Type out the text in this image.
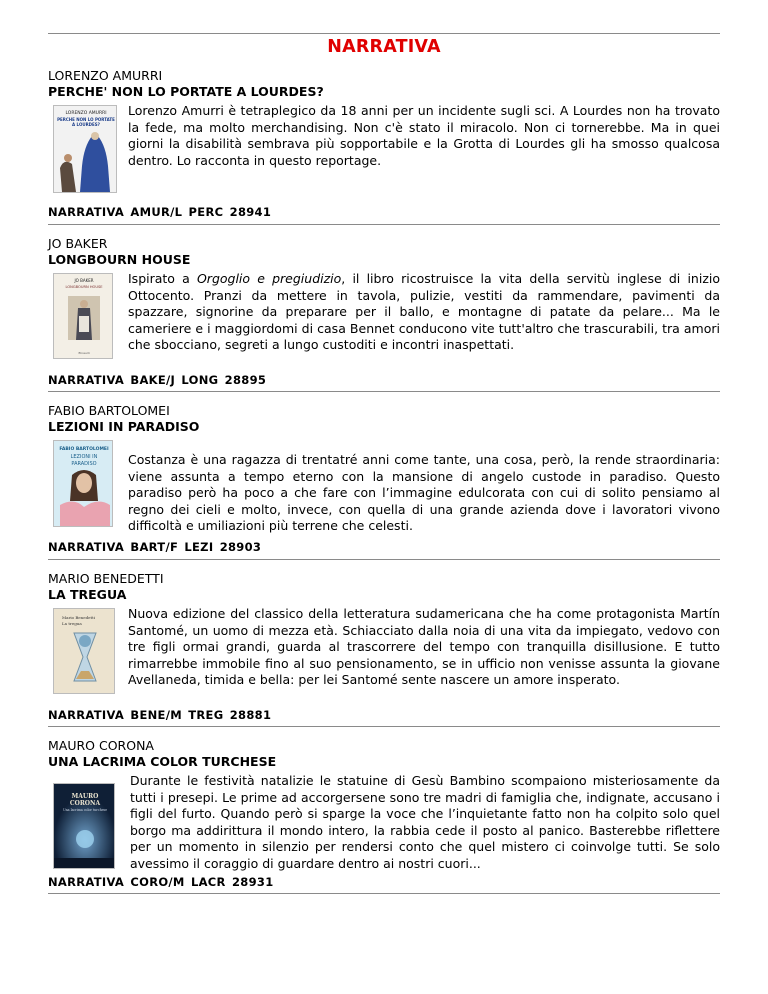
NARRATIVA
LORENZO AMURRI
PERCHE' NON LO PORTATE A LOURDES?
LORENZO AMURRI
PERCHE NON LO PORTATE
A LOURDES?
Lorenzo Amurri è tetraplegico da 18 anni per un incidente sugli sci. A Lourdes non ha trovato la fede, ma molto merchandising. Non c'è stato il miracolo. Non ci tornerebbe. Ma in quei giorni la disabilità sembrava più sopportabile e la Grotta di Lourdes gli ha smosso qualcosa dentro. Lo racconta in questo reportage.
NARRATIVA AMUR/L PERC 28941
JO BAKER
LONGBOURN HOUSE
JO BAKER
LONGBOURN HOUSE
Einaudi
Ispirato a Orgoglio e pregiudizio, il libro ricostruisce la vita della servitù inglese di inizio Ottocento. Pranzi da mettere in tavola, pulizie, vestiti da rammendare, pavimenti da spazzare, signorine da preparare per il ballo, e montagne di patate da pelare... Ma le cameriere e i maggiordomi di casa Bennet conducono vite tutt'altro che trascurabili, tra amori che sbocciano, segreti a lungo custoditi e incontri inaspettati.
NARRATIVA BAKE/J LONG 28895
FABIO BARTOLOMEI
LEZIONI IN PARADISO
FABIO BARTOLOMEI
LEZIONI IN
PARADISO	Costanza è una ragazza di trentatré anni come tante, una cosa, però, la rende straordinaria: viene assunta a tempo eterno con la mansione di angelo custode in paradiso. Questo paradiso però ha poco a che fare con l’immagine edulcorata con cui di solito pensiamo al regno dei cieli e molto, invece, con quella di una grande azienda dove i lavoratori vivono difficoltà e umiliazioni più terrene che celesti.
NARRATIVA BART/F LEZI 28903
MARIO BENEDETTI
LA TREGUA
Mario Benedetti
La tregua
Nuova edizione del classico della letteratura sudamericana che ha come protagonista Martín Santomé, un uomo di mezza età. Schiacciato dalla noia di una vita da impiegato, vedovo con tre figli ormai grandi, guarda al trascorrere del tempo con tranquilla disillusione. E tutto rimarrebbe immobile fino al suo pensionamento, se in ufficio non venisse assunta la giovane Avellaneda, timida e bella: per lei Santomé sente nascere un amore insperato.
NARRATIVA BENE/M TREG 28881
MAURO CORONA
UNA LACRIMA COLOR TURCHESE
MAURO
CORONA
Una lacrima color turchese
Durante le festività natalizie le statuine di Gesù Bambino scompaiono misteriosamente da tutti i presepi. Le prime ad accorgersene sono tre madri di famiglia che, indignate, accusano i figli del furto. Quando però si sparge la voce che l’inquietante fatto non ha colpito solo quel borgo ma addirittura il mondo intero, la rabbia cede il posto al panico. Basterebbe riflettere per un momento in silenzio per rendersi conto che quel mistero ci coinvolge tutti. Se solo avessimo il coraggio di guardare dentro ai nostri cuori...
NARRATIVA CORO/M LACR 28931
